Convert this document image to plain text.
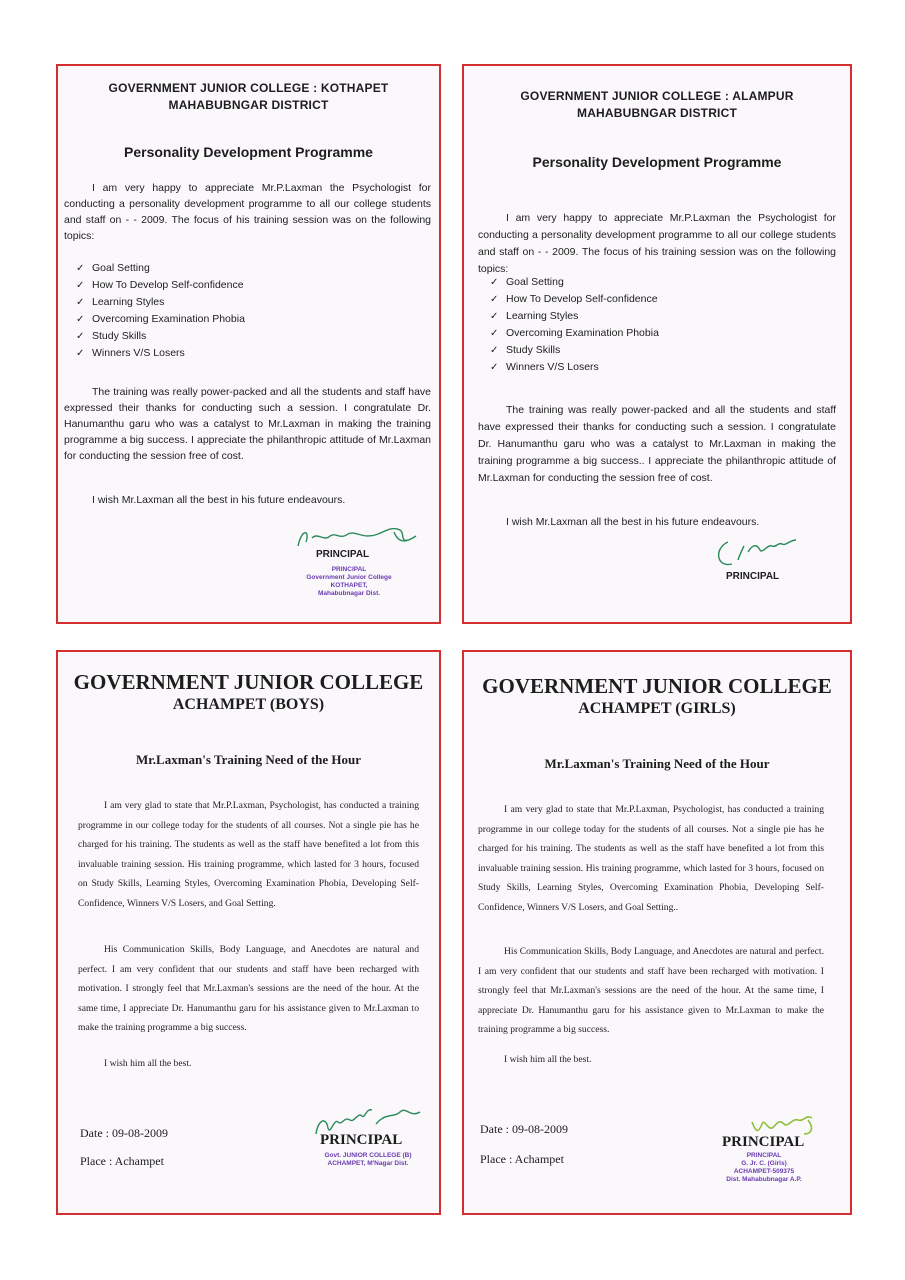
GOVERNMENT JUNIOR COLLEGE : KOTHAPET
MAHABUBNGAR DISTRICT
Personality Development Programme

I am very happy to appreciate Mr.P.Laxman the Psychologist for conducting a personality development programme to all our college students and staff on - - 2009. The focus of his training session was on the following topics:

✓ Goal Setting
✓ How To Develop Self-confidence
✓ Learning Styles
✓ Overcoming Examination Phobia
✓ Study Skills
✓ Winners V/S Losers

The training was really power-packed and all the students and staff have expressed their thanks for conducting such a session. I congratulate Dr. Hanumanthu garu who was a catalyst to Mr.Laxman in making the training programme a big success. I appreciate the philanthropic attitude of Mr.Laxman for conducting the session free of cost.

I wish Mr.Laxman all the best in his future endeavours.

PRINCIPAL
PRINCIPAL
Government Junior College
KOTHAPET,
Mahabubnagar Dist.
GOVERNMENT JUNIOR COLLEGE : ALAMPUR
MAHABUBNGAR DISTRICT
Personality Development Programme

I am very happy to appreciate Mr.P.Laxman the Psychologist for conducting a personality development programme to all our college students and staff on - - 2009. The focus of his training session was on the following topics:

✓ Goal Setting
✓ How To Develop Self-confidence
✓ Learning Styles
✓ Overcoming Examination Phobia
✓ Study Skills
✓ Winners V/S Losers

The training was really power-packed and all the students and staff have expressed their thanks for conducting such a session. I congratulate Dr. Hanumanthu garu who was a catalyst to Mr.Laxman in making the training programme a big success.. I appreciate the philanthropic attitude of Mr.Laxman for conducting the session free of cost.

I wish Mr.Laxman all the best in his future endeavours.

PRINCIPAL
GOVERNMENT JUNIOR COLLEGE
ACHAMPET (BOYS)
Mr.Laxman's Training Need of the Hour

I am very glad to state that Mr.P.Laxman, Psychologist, has conducted a training programme in our college today for the students of all courses. Not a single pie has he charged for his training. The students as well as the staff have benefited a lot from this invaluable training session. His training programme, which lasted for 3 hours, focused on Study Skills, Learning Styles, Overcoming Examination Phobia, Developing Self-Confidence, Winners V/S Losers, and Goal Setting.

His Communication Skills, Body Language, and Anecdotes are natural and perfect. I am very confident that our students and staff have been recharged with motivation. I strongly feel that Mr.Laxman's sessions are the need of the hour. At the same time, I appreciate Dr. Hanumanthu garu for his assistance given to Mr.Laxman to make the training programme a big success.

I wish him all the best.

Date : 09-08-2009
Place : Achampet
PRINCIPAL
Govt. JUNIOR COLLEGE (B)
ACHAMPET, M'Nagar Dist.
GOVERNMENT JUNIOR COLLEGE
ACHAMPET (GIRLS)
Mr.Laxman's Training Need of the Hour

I am very glad to state that Mr.P.Laxman, Psychologist, has conducted a training programme in our college today for the students of all courses. Not a single pie has he charged for his training. The students as well as the staff have benefited a lot from this invaluable training session. His training programme, which lasted for 3 hours, focused on Study Skills, Learning Styles, Overcoming Examination Phobia, Developing Self-Confidence, Winners V/S Losers, and Goal Setting..

His Communication Skills, Body Language, and Anecdotes are natural and perfect. I am very confident that our students and staff have been recharged with motivation. I strongly feel that Mr.Laxman's sessions are the need of the hour. At the same time, I appreciate Dr. Hanumanthu garu for his assistance given to Mr.Laxman to make the training programme a big success.

I wish him all the best.

Date : 09-08-2009
Place : Achampet
PRINCIPAL
PRINCIPAL
G. Jr. C. (Girls)
ACHAMPET-509375
Dist. Mahabubnagar A.P.
